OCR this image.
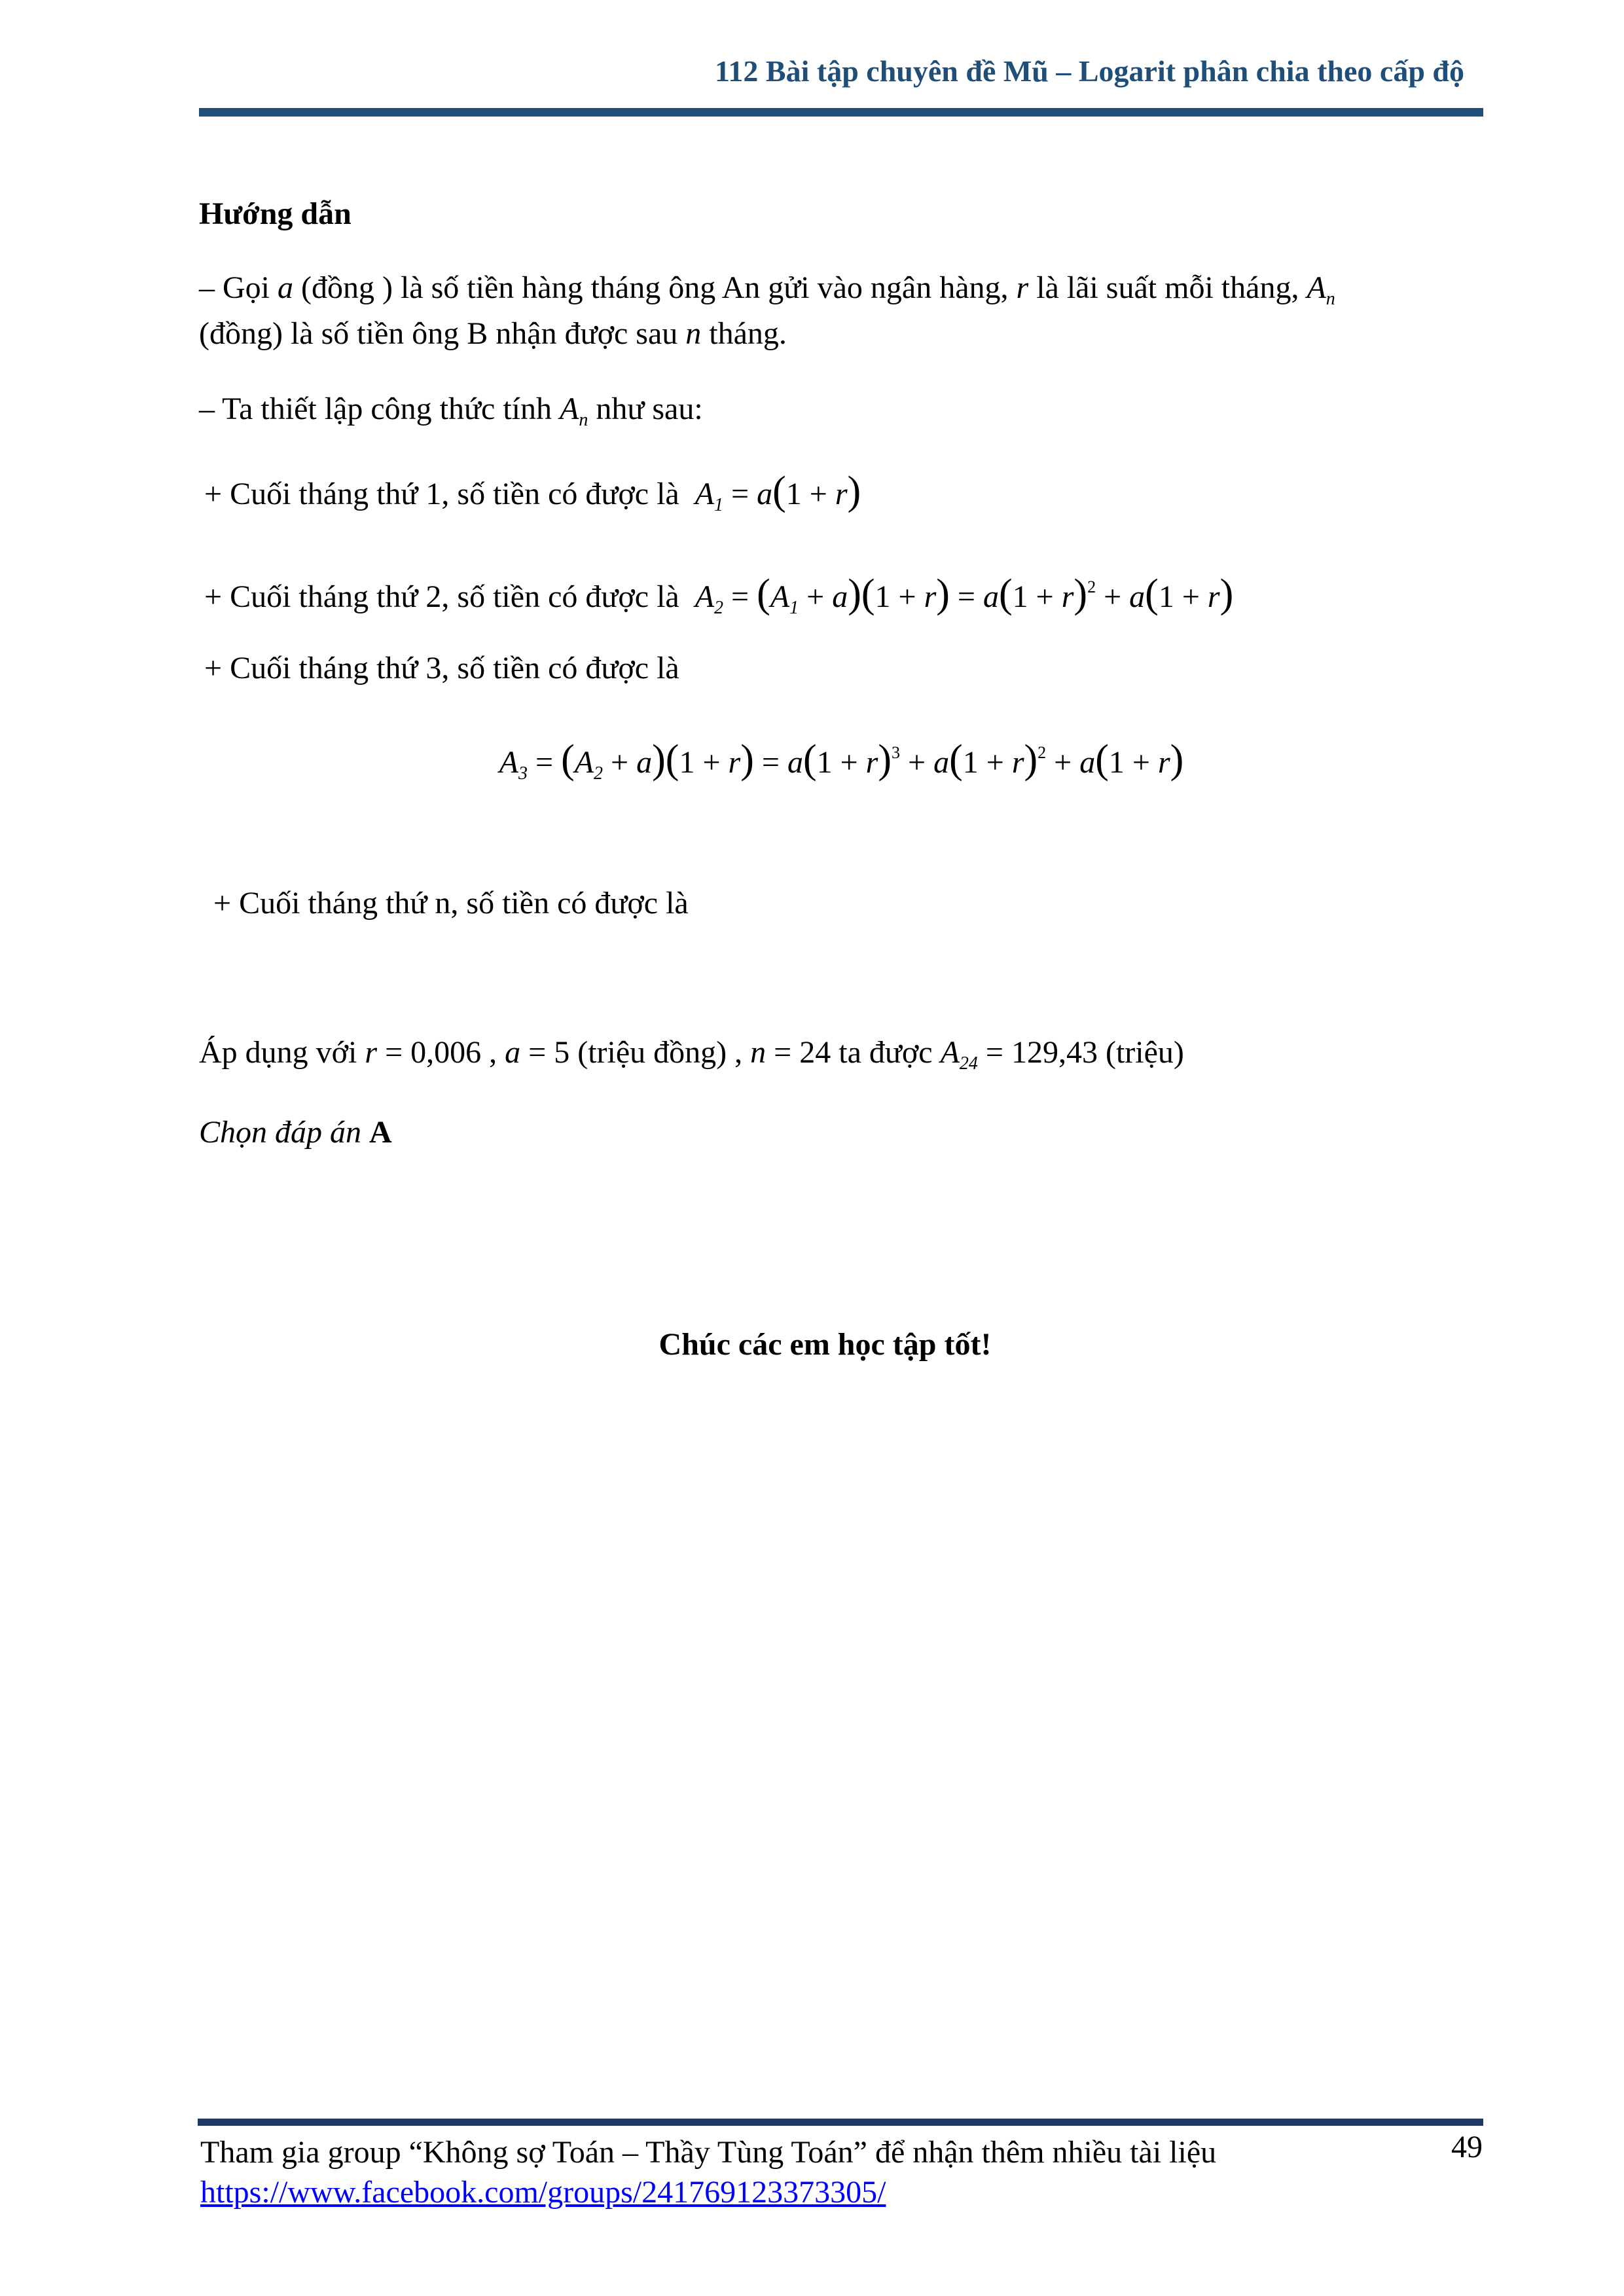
112 Bài tập chuyên đề Mũ – Logarit phân chia theo cấp độ
Hướng dẫn
– Gọi a (đồng ) là số tiền hàng tháng ông An gửi vào ngân hàng, r là lãi suất mỗi tháng, $A_n$
(đồng) là số tiền ông B nhận được sau n tháng.
– Ta thiết lập công thức tính $A_n$ như sau:
+ Cuối tháng thứ 1, số tiền có được là $A_1 = a(1 + r)$
+ Cuối tháng thứ 2, số tiền có được là $A_2 = (A_1 + a)(1 + r) = a(1 + r)^2 + a(1 + r)$
+ Cuối tháng thứ 3, số tiền có được là
$A_3 = (A_2 + a)(1 + r) = a(1 + r)^3 + a(1 + r)^2 + a(1 + r)$
+ Cuối tháng thứ n, số tiền có được là
Áp dụng với r = 0,006 , a = 5 (triệu đồng) , n = 24 ta được $A_{24} = 129,43$ (triệu)
Chọn đáp án A
Chúc các em học tập tốt!
Tham gia group “Không sợ Toán – Thầy Tùng Toán” để nhận thêm nhiều tài liệu	49
https://www.facebook.com/groups/241769123373305/
